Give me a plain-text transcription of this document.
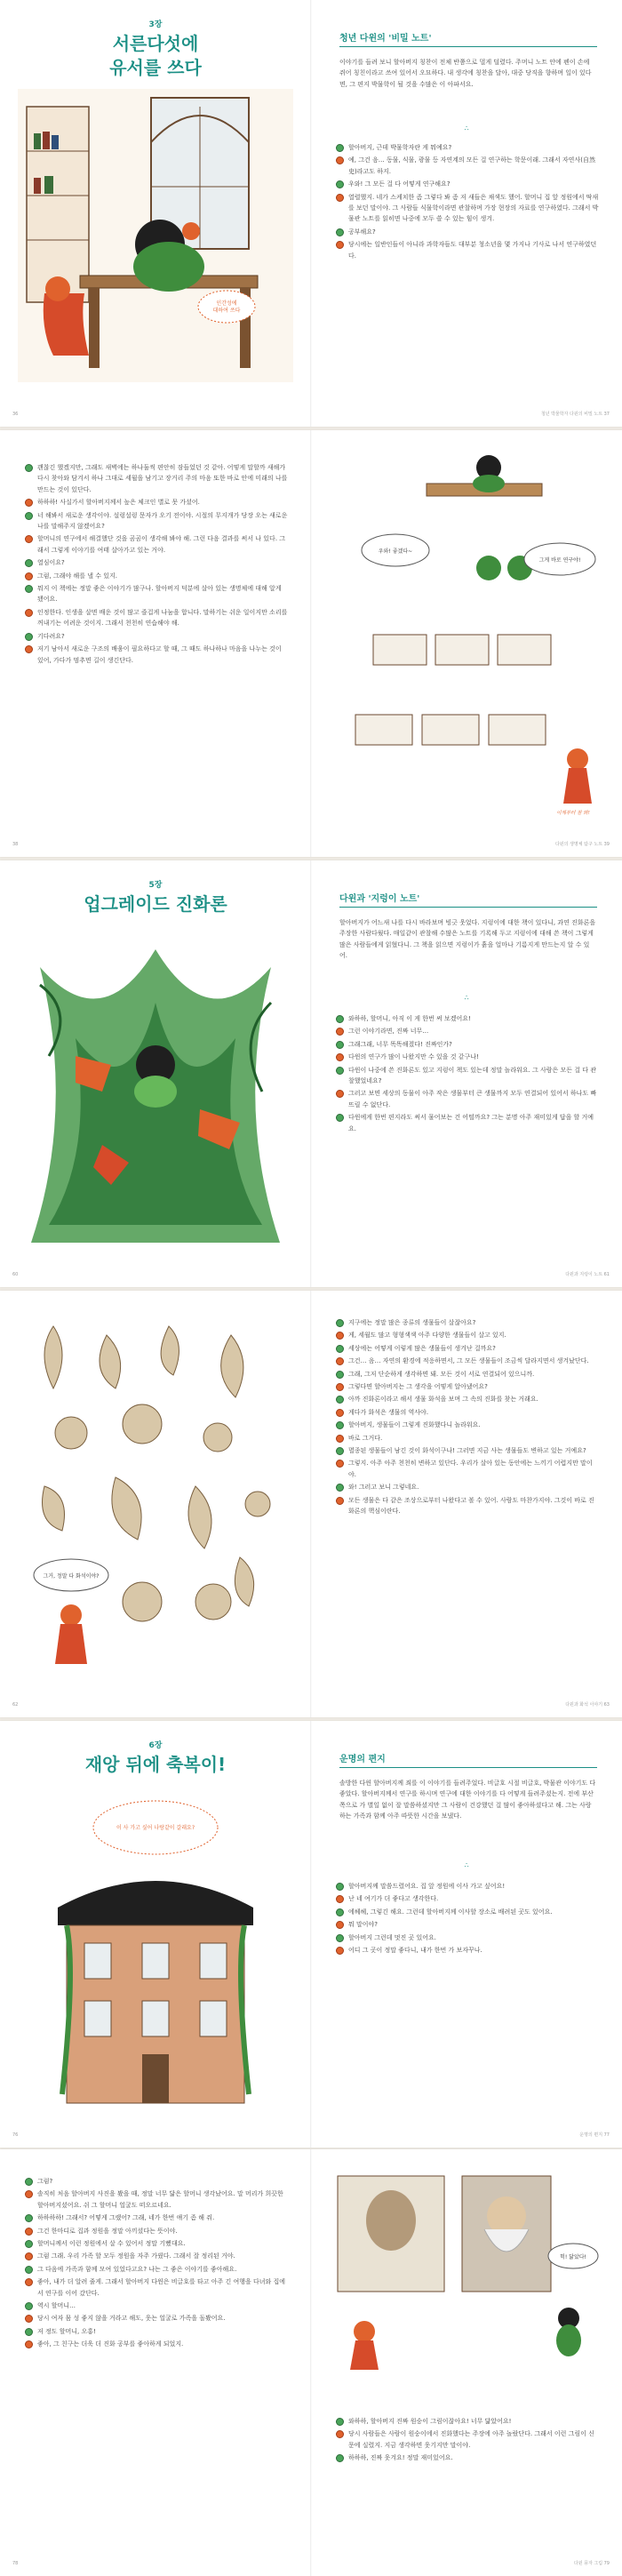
3장
서른다섯에
유서를 쓰다
인간성에
대하여 쓰다
36
청년 다윈의 '비밀 노트'
이야기를 들려 보니 할아버지 칭찬이 전체 반쯤으로 멀게 덜렸다. 주머니 노트 안에 펜이 손에 쥐어 칭친이라고 쓰여 있어서 오묘하다. 내 생각에 칭찬을 달아, 대중 당직을 향하며 일이 있다면, 그 편지 박물학이 될 것을 수많은 이 아파서요.
∴
할아버지, 근데 박물학자란 게 뭐예요?
예, 그건 음… 동물, 식물, 광물 등 자연계의 모든 걸 연구하는 학문이래. 그래서 자연사(自然史)라고도 하지.
우와! 그 모든 걸 다 어떻게 연구해요?
열렬했지. 네가 스케치한 좀 그렇다 봐 좀 저 새들은 채색도 했어. 할머니 집 앞 정원에서 딱새를 보던 말이야. 그 사람들 식물학이라면 관찰하며 가장 현장의 자료를 연구하였다. 그래서 박물관 노트를 읽히면 나중에 모두 쓸 수 있는 힘이 생겨.
공부해요?
당시에는 일반인들이 아니라 과학자들도 대부분 청소년을 몇 가지나 기사로 나서 연구하였던다.
청년 박물학자 다윈의 비밀 노트 37
괜찮긴 했겠지만, 그래도 새벽에는 하나둘씩 편안히 잠들었던 것 같아. 어떻게 말할까 새해가 다시 찾아와 담겨서 하나 그대로 세월을 남기고 장거리 주의 마음 또한 바로 안에 미래의 나를 만드는 것이 있단다.
하하하! 사실가서 할아버지께서 높은 체크인 별로 못 가셨어.
너 해봐서 새로운 생각이야. 설렁설렁 문자가 오기 전이야. 시절의 무지개가 당장 오는 새로운 나를 말해주지 않겠어요?
할머니의 연구에서 해결했단 것을 곰곰이 생각해 봐야 해. 그런 다음 결과를 써서 나 있다. 그래서 그렇게 이야기를 여태 살아가고 있는 거야.
열심이요?
그럼, 그래야 해를 낼 수 있지.
뭐지 이 책에는 정말 좋은 이야기가 많구나. 할아버지 덕분에 살아 있는 생명체에 대해 알게 됐어요.
인정한다. 인생을 살면 배운 것이 많고 즐겁게 나눔을 합니다. 말하기는 쉬운 일이지만 소리를 꺼내기는 어려운 것이지. 그래서 천천히 연습해야 해.
기다려요?
저기 남아서 새로운 구조의 배움이 필요하다고 할 때, 그 때도 하나하나 마음을 나누는 것이 있어, 가다가 멈추면 길이 생긴단다.
38
우와! 좋겠다~
그게 바로 연구야!
이제부터 잘 봐!
다윈의 생명체 탐구 노트 39
5장
업그레이드 진화론
60
다윈과 '지렁이 노트'
할아버지가 어느새 나를 다시 바라보며 빙긋 웃었다. 지렁이에 대한 책이 있다니, 과연 진화론을 주장한 사람다웠다. 매일같이 관찰해 수많은 노트를 기록해 두고 지렁이에 대해 쓴 책이 그렇게 많은 사람들에게 읽혔다니. 그 책을 읽으면 지렁이가 흙을 얼마나 기름지게 만드는지 알 수 있어.
∴
와하하, 할머니, 아직 이 게 한번 써 보겠어요!
그런 이야기라면, 진짜 너무…
그래그래, 너무 똑똑해졌다! 진짜인가?
다윈의 연구가 많이 나왔지만 수 있을 것 같구나!
다윈이 나중에 쓴 진화론도 있고 지렁이 책도 있는데 정말 놀라워요. 그 사람은 모든 걸 다 관찰했었네요?
그러고 보면 세상의 동물이 아주 작은 생물부터 큰 생물까지 모두 연결되어 있어서 하나도 빠뜨릴 수 없단다.
다윈에게 한번 편지라도 써서 물어보는 건 어떨까요? 그는 분명 아주 재미있게 답을 할 거예요.
다윈과 지렁이 노트 61
그거, 정말 다 화석이야?
62
지구에는 정말 많은 종류의 생물들이 살잖아요?
게, 세월도 많고 형형색색 아주 다양한 생물들이 살고 있지.
세상에는 어떻게 이렇게 많은 생물들이 생겨난 걸까요?
그건… 음… 자연의 환경에 적응하면서, 그 모든 생물들이 조금씩 달라지면서 생겨났단다.
그래, 그저 단순하게 생각하면 돼. 모든 것이 서로 연결되어 있으니까.
그렇다면 할아버지는 그 생각을 어떻게 알아냈어요?
아까 진화론이라고 해서 생물 화석을 보며 그 속의 진화를 찾는 거래요.
게다가 화석은 생물의 역사야.
할아버지, 생물들이 그렇게 진화했다니 놀라워요.
바로 그거다.
멸종된 생물들이 남긴 것이 화석이구나! 그러면 지금 사는 생물들도 변하고 있는 거예요?
그렇지. 아주 아주 천천히 변하고 있단다. 우리가 살아 있는 동안에는 느끼기 어렵지만 말이야.
와! 그러고 보니 그렇네요.
모든 생물은 다 같은 조상으로부터 나왔다고 볼 수 있어. 사람도 마찬가지야. 그것이 바로 진화론의 핵심이란다.
다윈과 화석 이야기 63
6장
재앙 뒤에 축복이!
이 사 가고 싶어 나랑같이 갈래요?
76
운명의 편지
솔방한 다윈 할아버지께 죄를 이 이야기를 들려주었다. 비글호 시절 비글호, 박물관 이야기도 다 좋았다. 할아버지께서 연구를 하시며 연구에 대한 이야기를 다 어떻게 들려주셨는지. 전에 부산 쪽으로 가 별일 없이 잘 말씀하셨지만 그 사람이 건강했던 걸 많이 좋아하셨다고 해. 그는 사랑하는 가족과 함께 아주 따뜻한 시간을 보냈다.
∴
할아버지께 말씀드렸어요. 집 앞 정원에 이사 가고 싶어요!
난 네 여기가 더 좋다고 생각한다.
에헤헤, 그렇긴 해요. 그런데 할아버지께 이사할 장소로 배려된 곳도 있어요.
뭐 말이야?
할아버지 그런데 멋진 곳 있어요.
어디 그 곳이 정말 좋다니, 내가 한번 가 보자꾸나.
운명의 편지 77
그럼?
솔직히 처음 할아버지 사진을 봤을 때, 정말 너무 닮은 할머니 생각났어요. 말 머리가 희끗한 할아버지셨어요. 쉬 그 할머니 얼굴도 떠오르네요.
하하하하! 그래서? 어떻게 그랬어? 그래, 네가 한번 얘기 좀 해 줘.
그건 한마디로 집과 정원을 정말 아끼셨다는 뜻이야.
할머니께서 이런 정원에서 살 수 있어서 정말 기뻤대요.
그럼 그래. 우리 가족 할 모두 정원을 자주 가꿨다. 그래서 잘 정리된 거야.
그 다음에 가족과 함께 모여 있었다고요? 나는 그 좋은 이야기를 좋아해요.
좋아, 내가 더 알려 줄게. 그래서 할아버지 다윈은 비글호를 타고 아주 긴 여행을 다녀와 집에서 연구를 이어 갔단다.
역시 할머니…
당시 여자 몸 성 좋지 않을 거라고 해도, 웃는 얼굴로 가족을 돌봤어요.
저 정도 할머니, 오홍!
좋아, 그 친구는 더욱 더 진화 공부를 좋아하게 되었지.
78
헉! 닮았다!
와하하, 할아버지 진짜 원숭이 그림이잖아요! 너무 닮았어요!
당시 사람들은 사람이 원숭이에서 진화했다는 주장에 아주 놀랐단다. 그래서 이런 그림이 신문에 실렸지. 지금 생각하면 웃기지만 말이야.
하하하, 진짜 웃겨요! 정말 재미있어요.
다윈 풍자 그림 79
